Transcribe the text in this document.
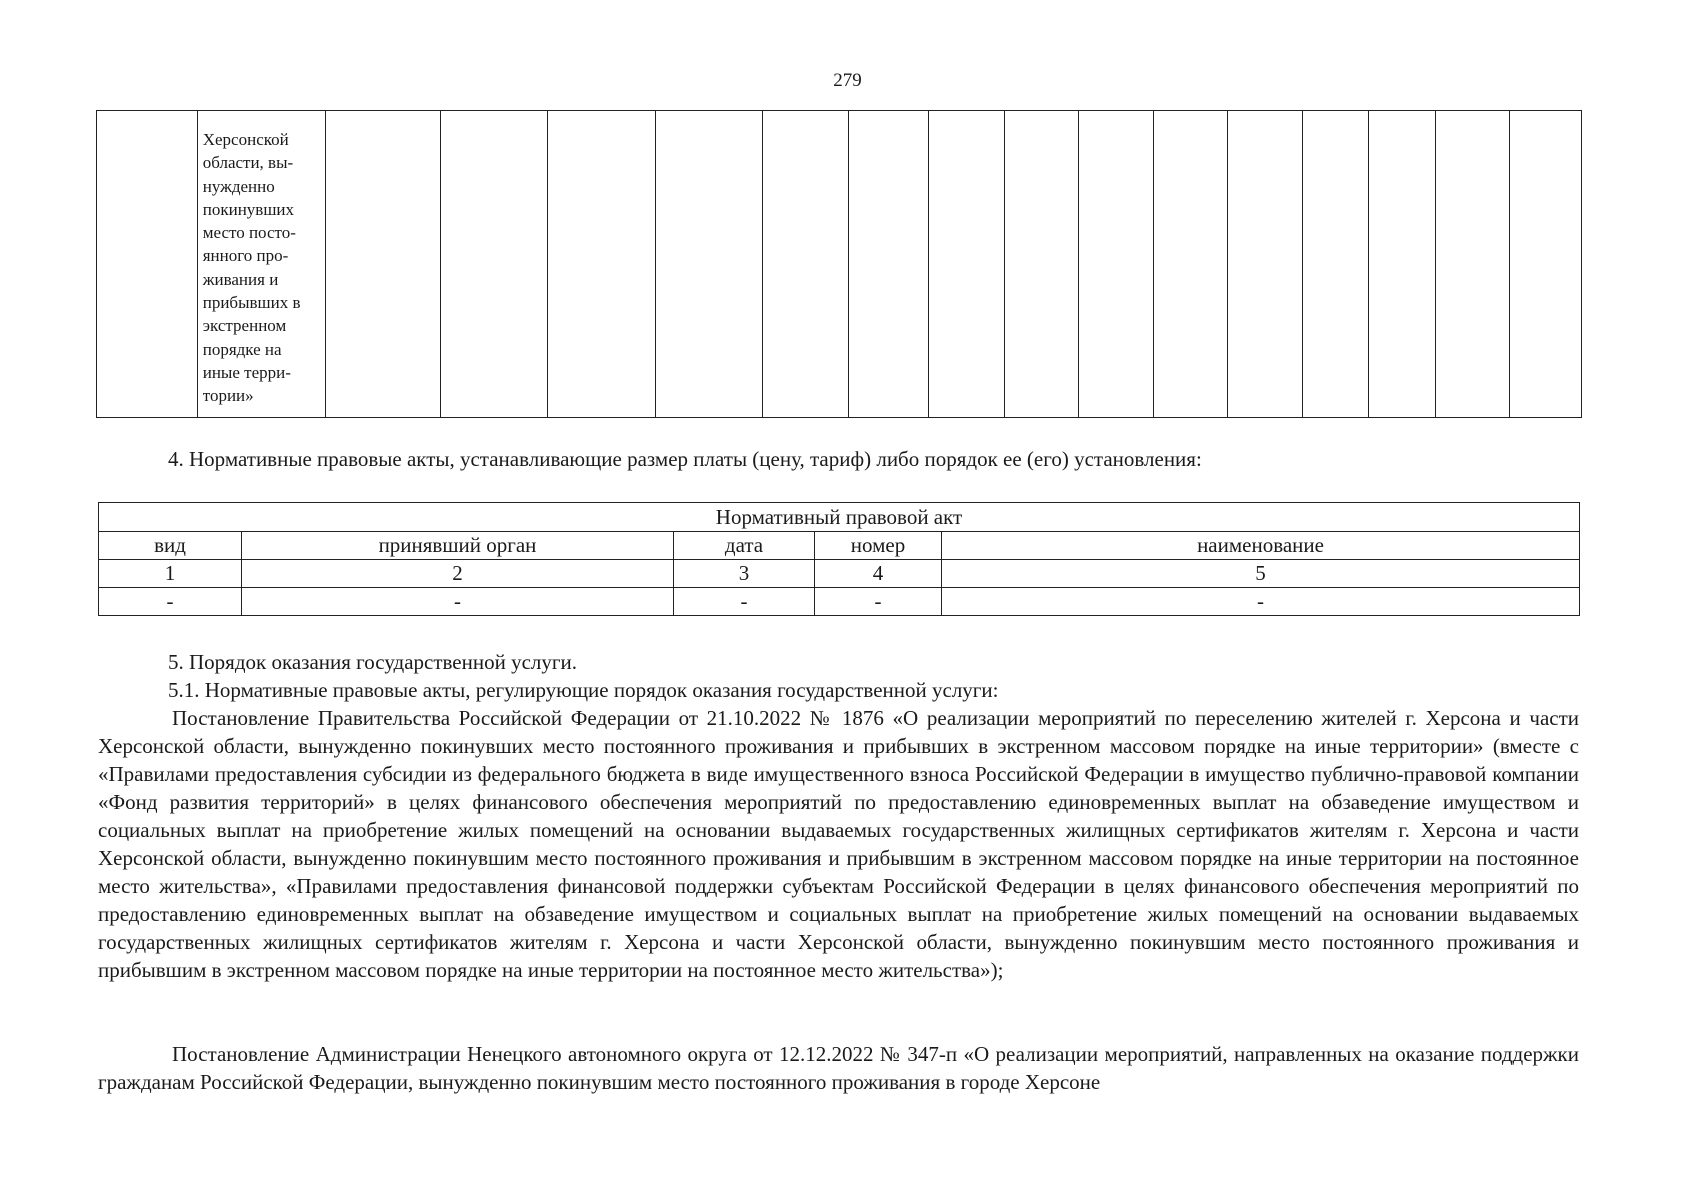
279
	Херсонской
области, вы-
нужденно
покинувших
место посто-
янного про-
живания и
прибывших в
экстренном
порядке на
иные терри-
тории»															
4. Нормативные правовые акты, устанавливающие размер платы (цену, тариф) либо порядок ее (его) установления:
Нормативный правовой акт				
вид	принявший орган	дата	номер	наименование
1	2	3	4	5
-	-	-	-	-
5. Порядок оказания государственной услуги.
5.1. Нормативные правовые акты, регулирующие порядок оказания государственной услуги:
Постановление Правительства Российской Федерации от 21.10.2022 № 1876 «О реализации мероприятий по переселению жителей г. Херсона и части Херсонской области, вынужденно покинувших место постоянного проживания и прибывших в экстренном массовом порядке на иные территории» (вместе с «Правилами предоставления субсидии из федерального бюджета в виде имущественного взноса Российской Федерации в имущество публично-правовой компании «Фонд развития территорий» в целях финансового обеспечения мероприятий по предоставлению единовременных выплат на обзаведение имуществом и социальных выплат на приобретение жилых помещений на основании выдаваемых государственных жилищных сертификатов жителям г. Херсона и части Херсонской области, вынужденно покинувшим место постоянного проживания и прибывшим в экстренном массовом порядке на иные территории на постоянное место жительства», «Правилами предоставления финансовой поддержки субъектам Российской Федерации в целях финансового обеспечения мероприятий по предоставлению единовременных выплат на обзаведение имуществом и социальных выплат на приобретение жилых помещений на основании выдаваемых государственных жилищных сертификатов жителям г. Херсона и части Херсонской области, вынужденно покинувшим место постоянного проживания и прибывшим в экстренном массовом порядке на иные территории на постоянное место жительства»);
Постановление Администрации Ненецкого автономного округа от 12.12.2022 № 347-п «О реализации мероприятий, направленных на оказание поддержки гражданам Российской Федерации, вынужденно покинувшим место постоянного проживания в городе Херсоне
